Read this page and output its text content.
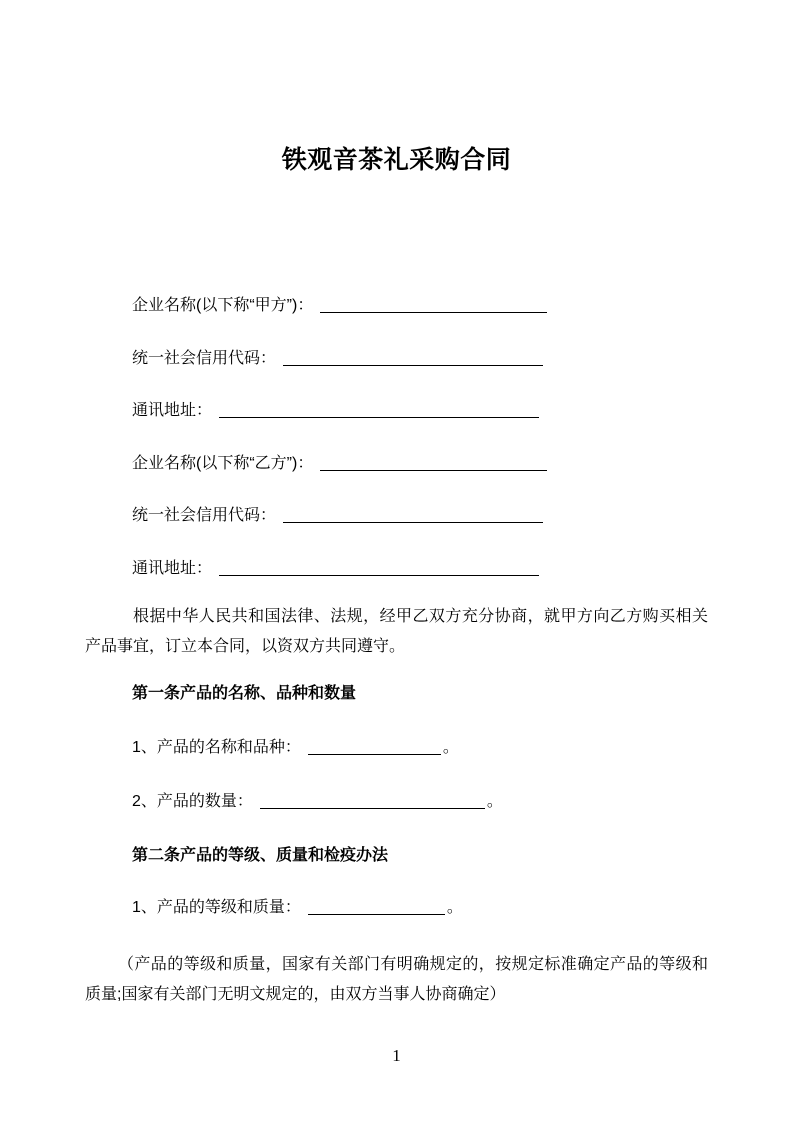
铁观音茶礼采购合同
企业名称(以下称“甲方”)：
统一社会信用代码：
通讯地址：
企业名称(以下称“乙方”)：
统一社会信用代码：
通讯地址：
根据中华人民共和国法律、法规，经甲乙双方充分协商，就甲方向乙方购买相关产品事宜，订立本合同，以资双方共同遵守。
第一条产品的名称、品种和数量
1、产品的名称和品种：	。
2、产品的数量：	。
第二条产品的等级、质量和检疫办法
1、产品的等级和质量：	。
（产品的等级和质量，国家有关部门有明确规定的，按规定标准确定产品的等级和质量;国家有关部门无明文规定的，由双方当事人协商确定）
1
